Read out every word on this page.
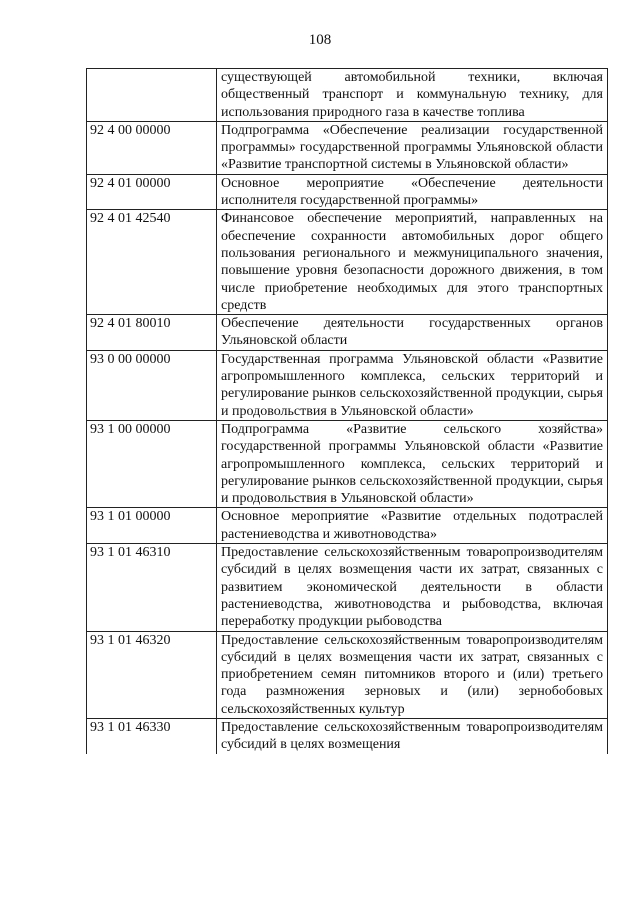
108
	существующей автомобильной техники, включая общественный транспорт и коммунальную технику, для использования природного газа в качестве топлива
92 4 00 00000	Подпрограмма «Обеспечение реализации государственной программы» государственной программы Ульяновской области «Развитие транспортной системы в Ульяновской области»
92 4 01 00000	Основное мероприятие «Обеспечение деятельности исполнителя государственной программы»
92 4 01 42540	Финансовое обеспечение мероприятий, направленных на обеспечение сохранности автомобильных дорог общего пользования регионального и межмуниципального значения, повышение уровня безопасности дорожного движения, в том числе приобретение необходимых для этого транспортных средств
92 4 01 80010	Обеспечение деятельности государственных органов Ульяновской области
93 0 00 00000	Государственная программа Ульяновской области «Развитие агропромышленного комплекса, сельских территорий и регулирование рынков сельскохозяйственной продукции, сырья и продовольствия в Ульяновской области»
93 1 00 00000	Подпрограмма «Развитие сельского хозяйства» государственной программы Ульяновской области «Развитие агропромышленного комплекса, сельских территорий и регулирование рынков сельскохозяйственной продукции, сырья и продовольствия в Ульяновской области»
93 1 01 00000	Основное мероприятие «Развитие отдельных подотраслей растениеводства и животноводства»
93 1 01 46310	Предоставление сельскохозяйственным товаропроизводителям субсидий в целях возмещения части их затрат, связанных с развитием экономической деятельности в области растениеводства, животноводства и рыбоводства, включая переработку продукции рыбоводства
93 1 01 46320	Предоставление сельскохозяйственным товаропроизводителям субсидий в целях возмещения части их затрат, связанных с приобретением семян питомников второго и (или) третьего года размножения зерновых и (или) зернобобовых сельскохозяйственных культур
93 1 01 46330	Предоставление сельскохозяйственным товаропроизводителям субсидий в целях возмещения
